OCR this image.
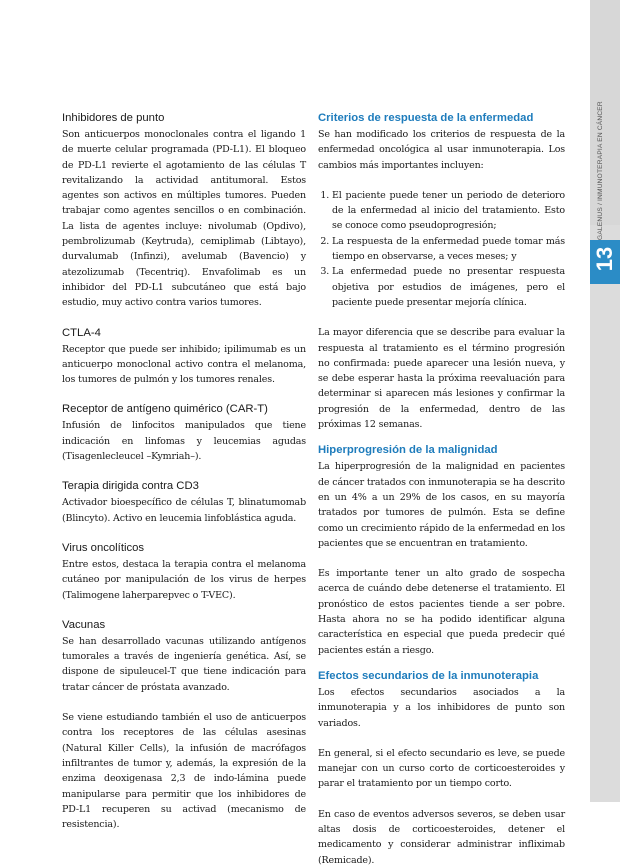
GALENUS / INMUNOTERAPIA EN CÁNCER
13
Inhibidores de punto

Son anticuerpos monoclonales contra el ligando 1 de muerte celular programada (PD-L1). El bloqueo de PD-L1 revierte el agotamiento de las células T revitalizando la actividad antitumoral. Estos agentes son activos en múltiples tumores. Pueden trabajar como agentes sencillos o en combinación. La lista de agentes incluye: nivolumab (Opdivo), pembrolizumab (Keytruda), cemiplimab (Libtayo), durvalumab (Infinzi), avelumab (Bavencio) y atezolizumab (Tecentriq). Envafolimab es un inhibidor del PD-L1 subcutáneo que está bajo estudio, muy activo contra varios tumores.

CTLA-4

Receptor que puede ser inhibido; ipilimumab es un anticuerpo monoclonal activo contra el melanoma, los tumores de pulmón y los tumores renales.

Receptor de antígeno quimérico (CAR-T)

Infusión de linfocitos manipulados que tiene indicación en linfomas y leucemias agudas (Tisagenlecleucel –Kymriah–).

Terapia dirigida contra CD3

Activador bioespecífico de células T, blinatumomab (Blincyto). Activo en leucemia linfoblástica aguda.

Virus oncolíticos

Entre estos, destaca la terapia contra el melanoma cutáneo por manipulación de los virus de herpes (Talimogene laherparepvec o T-VEC).

Vacunas

Se han desarrollado vacunas utilizando antígenos tumorales a través de ingeniería genética. Así, se dispone de sipuleucel-T que tiene indicación para tratar cáncer de próstata avanzado.

Se viene estudiando también el uso de anticuerpos contra los receptores de las células asesinas (Natural Killer Cells), la infusión de macrófagos infiltrantes de tumor y, además, la expresión de la enzima deoxigenasa 2,3 de indo-lámina puede manipularse para permitir que los inhibidores de PD-L1 recuperen su activad (mecanismo de resistencia).

Criterios de respuesta de la enfermedad

Se han modificado los criterios de respuesta de la enfermedad oncológica al usar inmunoterapia. Los cambios más importantes incluyen:

1. El paciente puede tener un periodo de deterioro de la enfermedad al inicio del tratamiento. Esto se conoce como pseudoprogresión;
2. La respuesta de la enfermedad puede tomar más tiempo en observarse, a veces meses; y
3. La enfermedad puede no presentar respuesta objetiva por estudios de imágenes, pero el paciente puede presentar mejoría clínica.

La mayor diferencia que se describe para evaluar la respuesta al tratamiento es el término progresión no confirmada: puede aparecer una lesión nueva, y se debe esperar hasta la próxima reevaluación para determinar si aparecen más lesiones y confirmar la progresión de la enfermedad, dentro de las próximas 12 semanas.

Hiperprogresión de la malignidad

La hiperprogresión de la malignidad en pacientes de cáncer tratados con inmunoterapia se ha descrito en un 4% a un 29% de los casos, en su mayoría tratados por tumores de pulmón. Esta se define como un crecimiento rápido de la enfermedad en los pacientes que se encuentran en tratamiento.

Es importante tener un alto grado de sospecha acerca de cuándo debe detenerse el tratamiento. El pronóstico de estos pacientes tiende a ser pobre. Hasta ahora no se ha podido identificar alguna característica en especial que pueda predecir qué pacientes están a riesgo.

Efectos secundarios de la inmunoterapia

Los efectos secundarios asociados a la inmunoterapia y a los inhibidores de punto son variados.

En general, si el efecto secundario es leve, se puede manejar con un curso corto de corticoesteroides y parar el tratamiento por un tiempo corto.

En caso de eventos adversos severos, se deben usar altas dosis de corticoesteroides, detener el medicamento y considerar administrar infliximab (Remicade).
